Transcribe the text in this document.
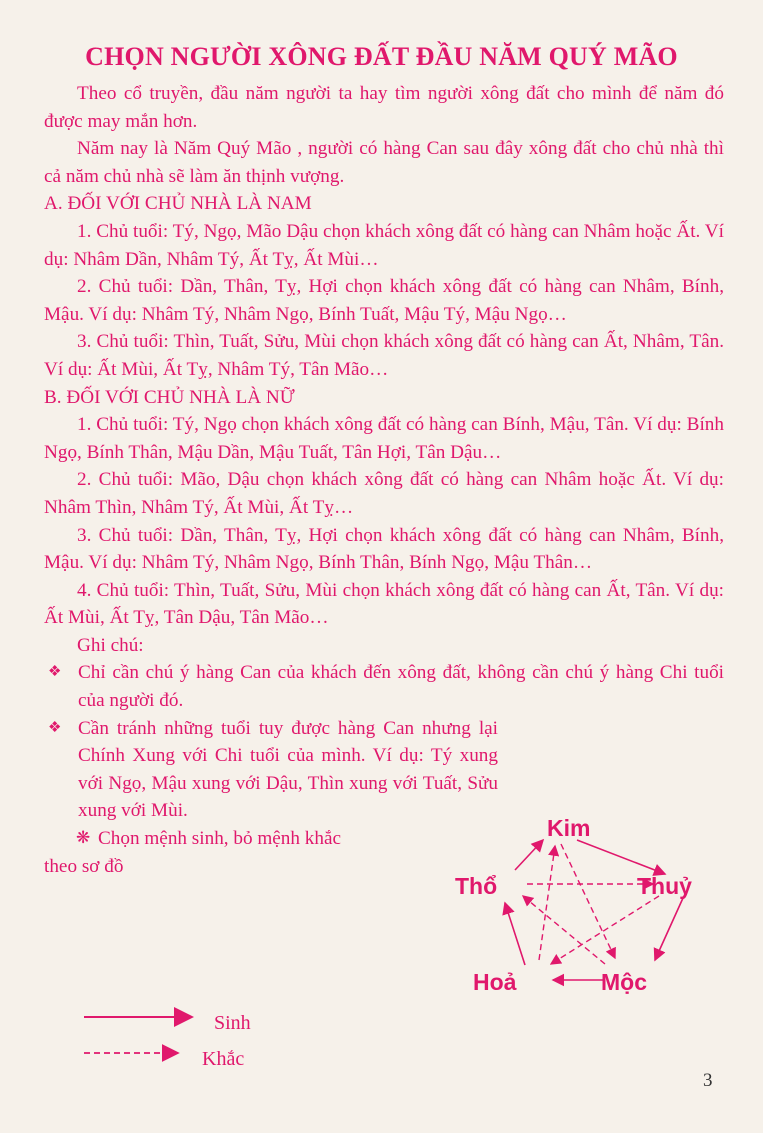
CHỌN NGƯỜI XÔNG ĐẤT ĐẦU NĂM QUÝ MÃO

Theo cổ truyền, đầu năm người ta hay tìm người xông đất cho mình để năm đó được may mắn hơn.

Năm nay là Năm Quý Mão , người có hàng Can sau đây xông đất cho chủ nhà thì cả năm chủ nhà sẽ làm ăn thịnh vượng.

A. ĐỐI VỚI CHỦ NHÀ LÀ NAM

1. Chủ tuổi: Tý, Ngọ, Mão Dậu chọn khách xông đất có hàng can Nhâm hoặc Ất. Ví dụ: Nhâm Dần, Nhâm Tý, Ất Tỵ, Ất Mùi…

2. Chủ tuổi: Dần, Thân, Tỵ, Hợi chọn khách xông đất có hàng can Nhâm, Bính, Mậu. Ví dụ: Nhâm Tý, Nhâm Ngọ, Bính Tuất, Mậu Tý, Mậu Ngọ…

3. Chủ tuổi: Thìn, Tuất, Sửu, Mùi chọn khách xông đất có hàng can Ất, Nhâm, Tân. Ví dụ: Ất Mùi, Ất Tỵ, Nhâm Tý, Tân Mão…

B. ĐỐI VỚI CHỦ NHÀ LÀ NỮ

1. Chủ tuổi: Tý, Ngọ chọn khách xông đất có hàng can Bính, Mậu, Tân. Ví dụ: Bính Ngọ, Bính Thân, Mậu Dần, Mậu Tuất, Tân Hợi, Tân Dậu…

2. Chủ tuổi: Mão, Dậu chọn khách xông đất có hàng can Nhâm hoặc Ất. Ví dụ: Nhâm Thìn, Nhâm Tý, Ất Mùi, Ất Tỵ…

3. Chủ tuổi: Dần, Thân, Tỵ, Hợi chọn khách xông đất có hàng can Nhâm, Bính, Mậu. Ví dụ: Nhâm Tý, Nhâm Ngọ, Bính Thân, Bính Ngọ, Mậu Thân…

4. Chủ tuổi: Thìn, Tuất, Sửu, Mùi chọn khách xông đất có hàng can Ất, Tân. Ví dụ: Ất Mùi, Ất Tỵ, Tân Dậu, Tân Mão…

Ghi chú:

❖ Chỉ cần chú ý hàng Can của khách đến xông đất, không cần chú ý hàng Chi tuổi của người đó.
❖ Cần tránh những tuổi tuy được hàng Can nhưng lại Chính Xung với Chi tuổi của mình. Ví dụ: Tý xung với Ngọ, Mậu xung với Dậu, Thìn xung với Tuất, Sửu xung với Mùi.
❋ Chọn mệnh sinh, bỏ mệnh khắc
theo sơ đồ
Kim
Thuỷ
Mộc
Hoả
Thổ
Sinh
Khắc
3
